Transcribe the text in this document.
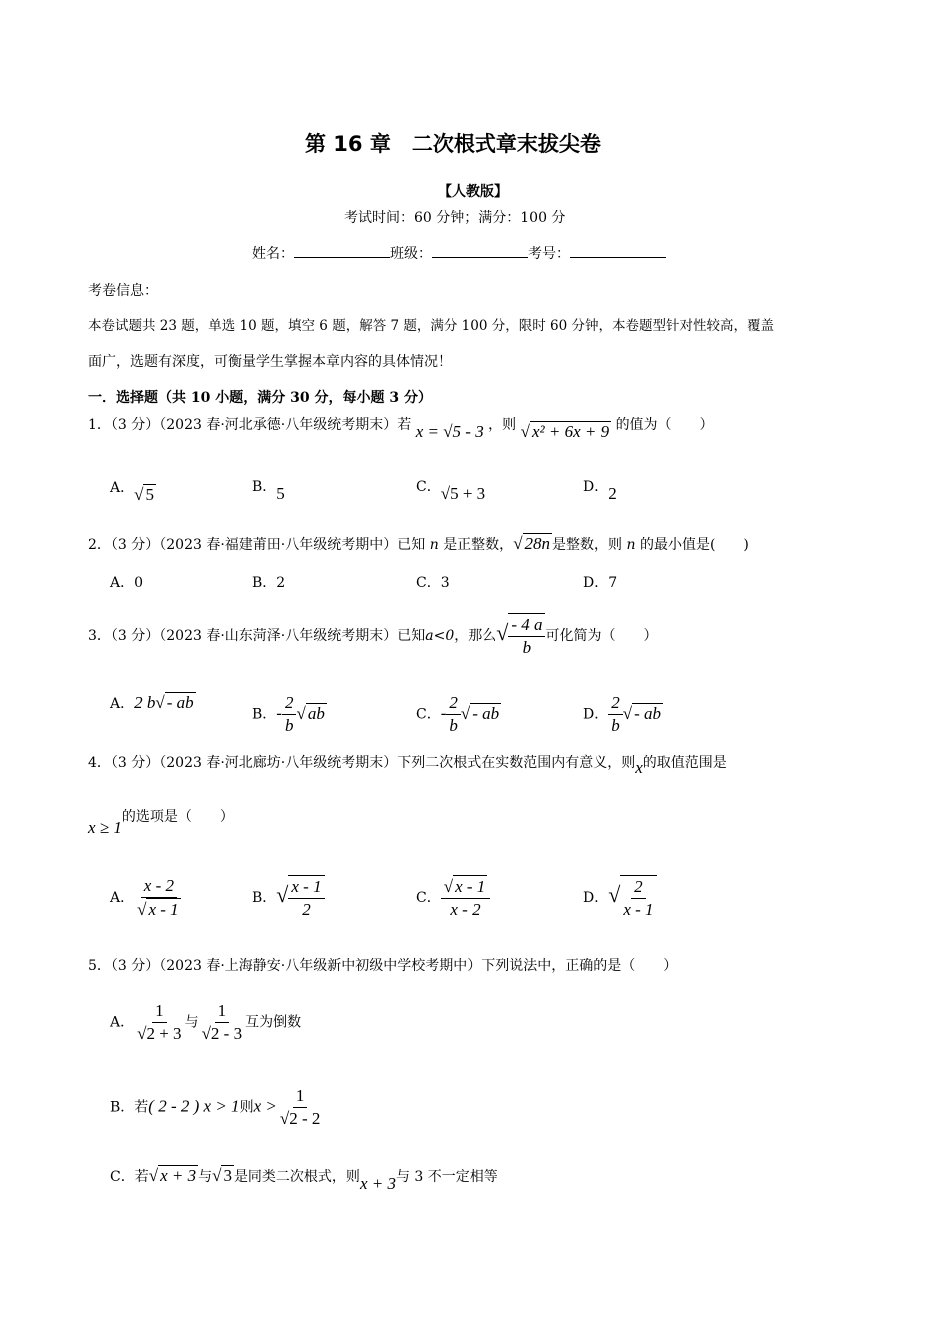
第 16 章　二次根式章末拔尖卷
【人教版】
考试时间：60 分钟；满分：100 分
姓名：	班级：	考号：
考卷信息：
本卷试题共 23 题，单选 10 题，填空 6 题，解答 7 题，满分 100 分，限时 60 分钟，本卷题型针对性较高，覆盖
面广，选题有深度，可衡量学生掌握本章内容的具体情况！
一．选择题（共 10 小题，满分 30 分，每小题 3 分）
1．（3 分）（2023 春·河北承德·八年级统考期末）若 x = √5 - 3 ，则 √ x² + 6x + 9 的值为（　　）
A．√ 5	B．5	C．√5 + 3	D．2
2．（3 分）（2023 春·福建莆田·八年级统考期中）已知 n 是正整数，√ 28n 是整数，则 n 的最小值是(　　)
A．0	B．2	C．3	D．7
3．（3 分）（2023 春·山东菏泽·八年级统考期末）已知a<0，那么√ $\frac{- 4 a}{b}$ 可化简为（　　）
A．2 b√ - ab
B．- $\frac{2}{b}$ √ ab	C．- $\frac{2}{b}$ √ - ab	D． $\frac{2}{b}$ √ - ab
4．（3 分）（2023 春·河北廊坊·八年级统考期末）下列二次根式在实数范围内有意义，则x的取值范围是
x ≥ 1的选项是（　　）
A． $\frac{x - 2}{√ x - 1}$	B．√ $\frac{x - 1}{2}$	C． $\frac{√ x - 1}{x - 2}$	D．√ $\frac{2}{x - 1}$
5．（3 分）（2023 春·上海静安·八年级新中初级中学校考期中）下列说法中，正确的是（　　）
A． $\frac{1}{√2 + 3}$ 与 $\frac{1}{√2 - 3}$ 互为倒数
B．若( 2 - 2 ) x > 1则$x > \frac{1}{√2 - 2}$
C．若√ x + 3 与√ 3 是同类二次根式，则x + 3与 3 不一定相等
